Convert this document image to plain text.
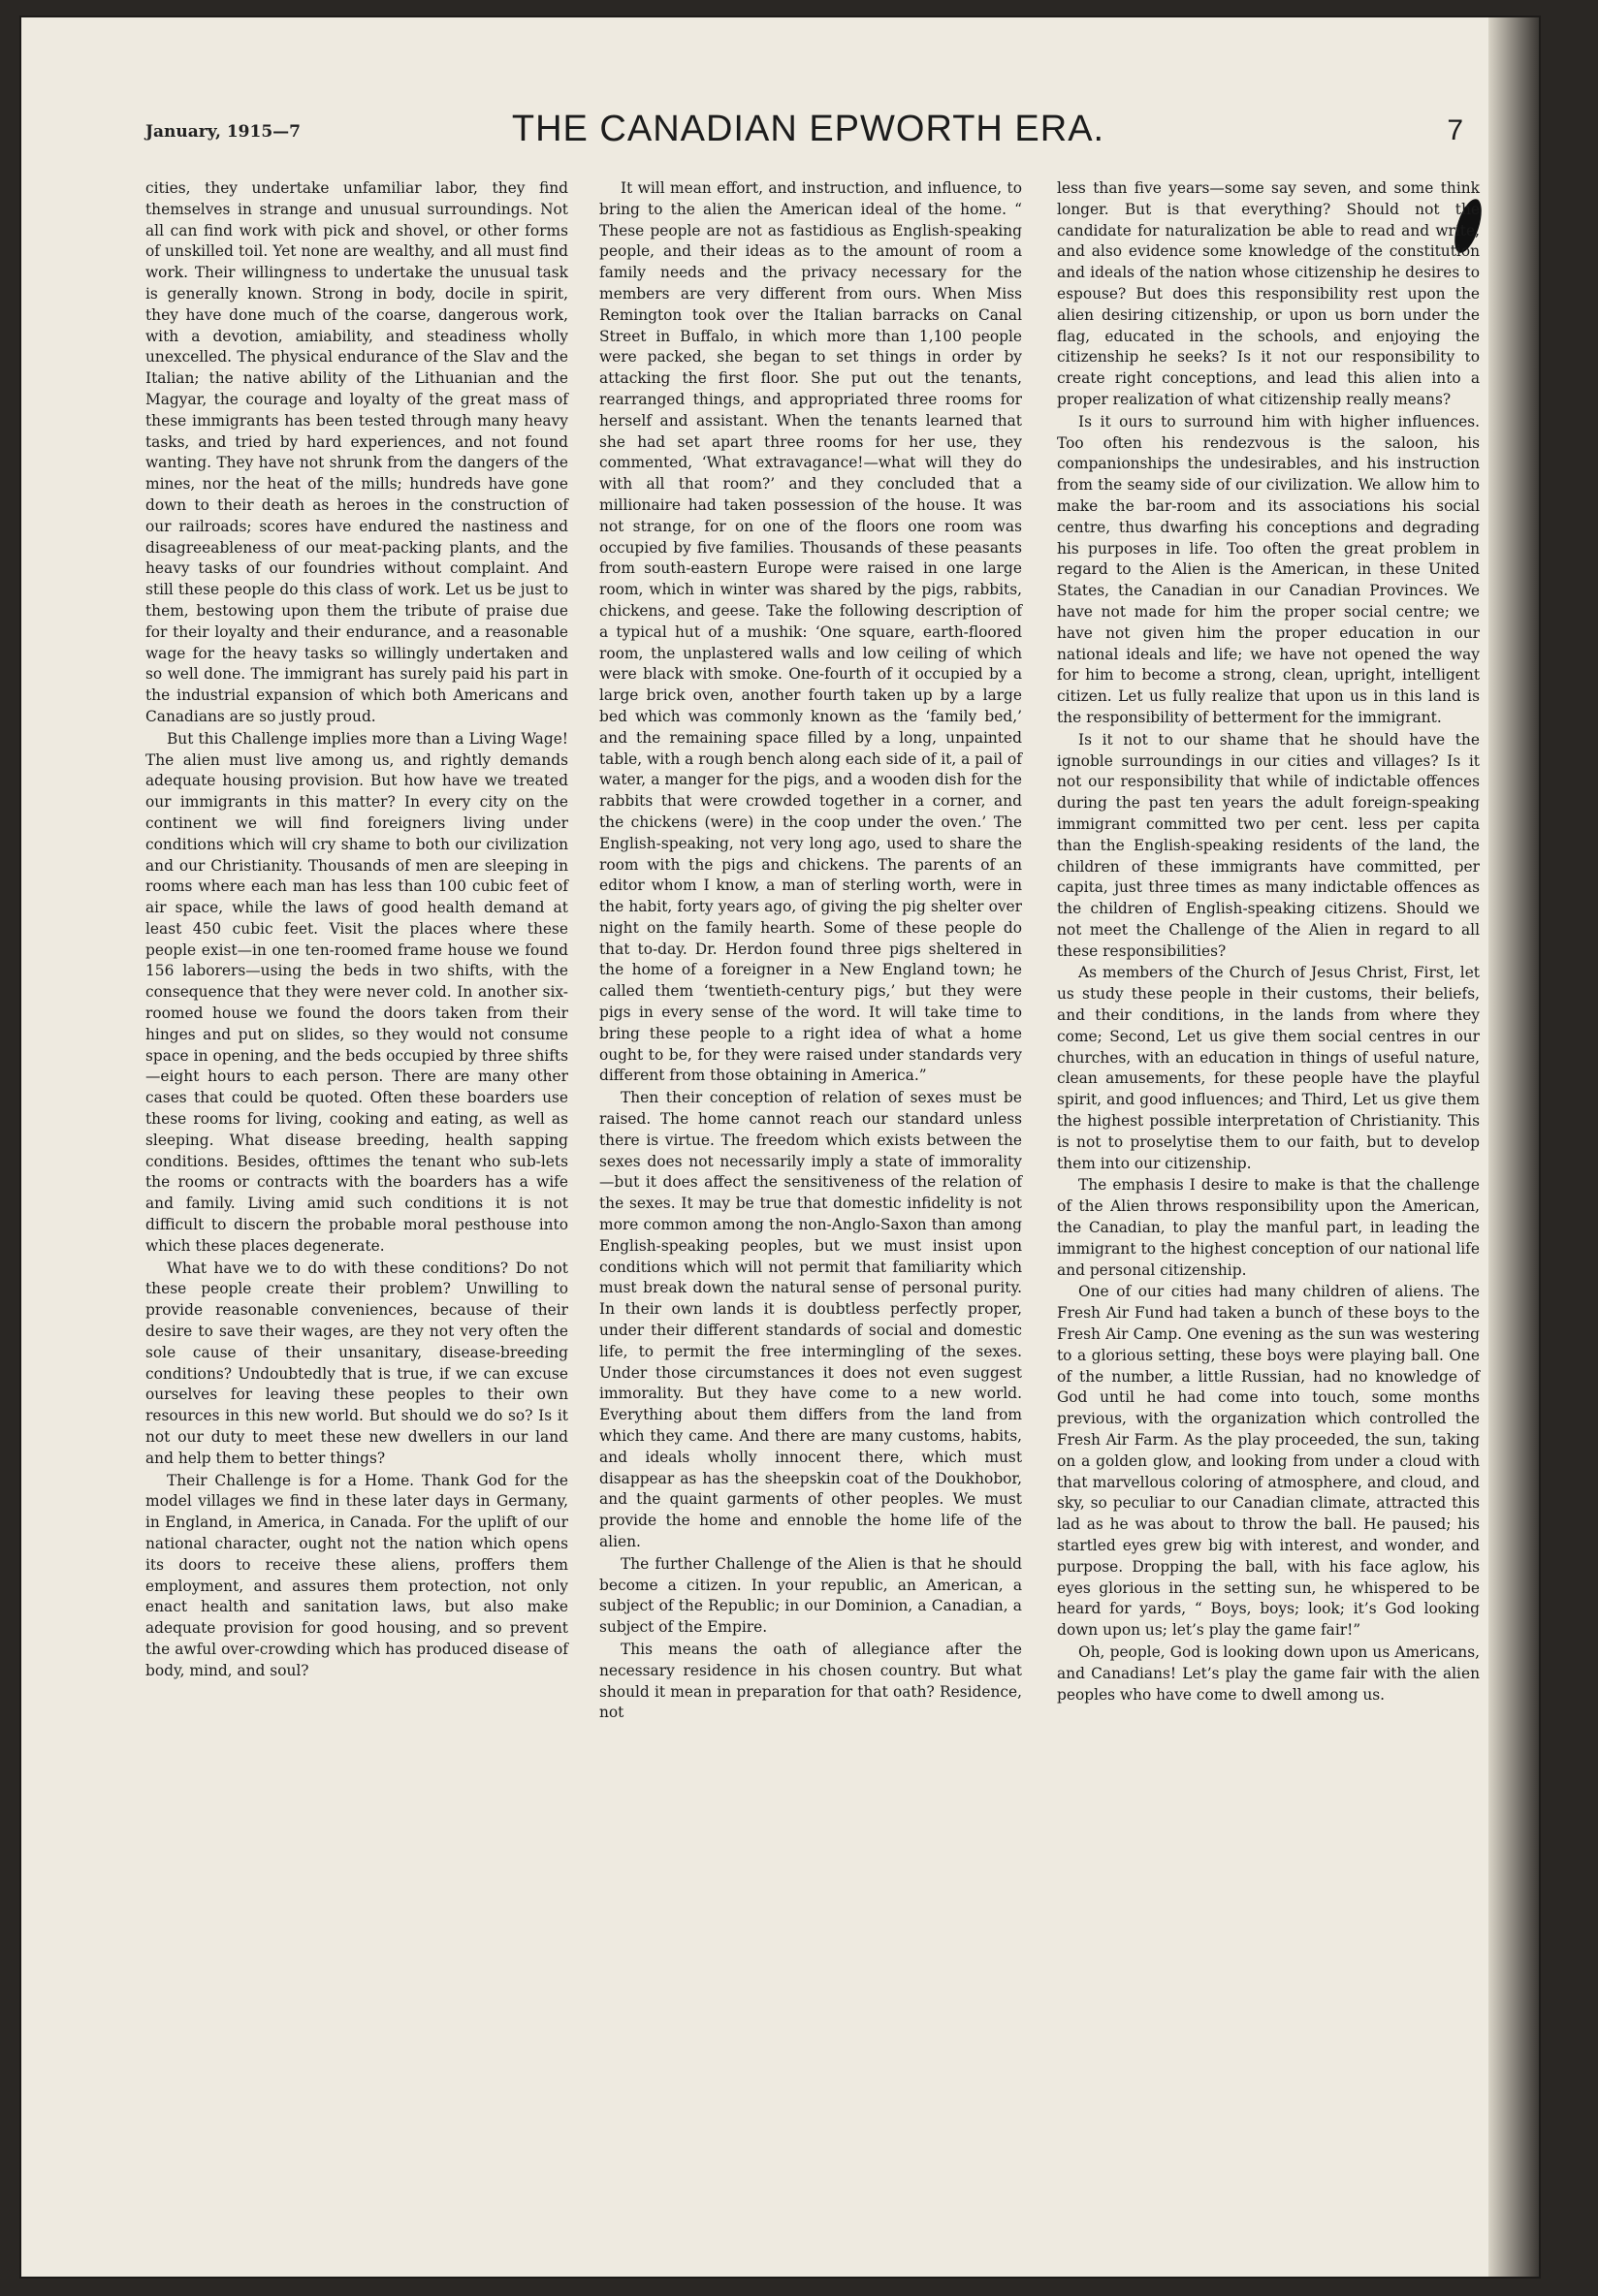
January, 1915—7	THE CANADIAN EPWORTH ERA.	7

cities, they undertake unfamiliar labor, they find themselves in strange and unusual surroundings. Not all can find work with pick and shovel, or other forms of unskilled toil. Yet none are wealthy, and all must find work. Their willingness to undertake the unusual task is generally known. Strong in body, docile in spirit, they have done much of the coarse, dangerous work, with a devotion, amiability, and steadiness wholly unexcelled. The physical endurance of the Slav and the Italian; the native ability of the Lithuanian and the Magyar, the courage and loyalty of the great mass of these immigrants has been tested through many heavy tasks, and tried by hard experiences, and not found wanting. They have not shrunk from the dangers of the mines, nor the heat of the mills; hundreds have gone down to their death as heroes in the construction of our railroads; scores have endured the nastiness and disagreeableness of our meat-packing plants, and the heavy tasks of our foundries without complaint. And still these people do this class of work. Let us be just to them, bestowing upon them the tribute of praise due for their loyalty and their endurance, and a reasonable wage for the heavy tasks so willingly undertaken and so well done. The immigrant has surely paid his part in the industrial expansion of which both Americans and Canadians are so justly proud.

But this Challenge implies more than a Living Wage! The alien must live among us, and rightly demands adequate housing provision. But how have we treated our immigrants in this matter? In every city on the continent we will find foreigners living under conditions which will cry shame to both our civilization and our Christianity. Thousands of men are sleeping in rooms where each man has less than 100 cubic feet of air space, while the laws of good health demand at least 450 cubic feet. Visit the places where these people exist—in one ten-roomed frame house we found 156 laborers—using the beds in two shifts, with the consequence that they were never cold. In another six-roomed house we found the doors taken from their hinges and put on slides, so they would not consume space in opening, and the beds occupied by three shifts—eight hours to each person. There are many other cases that could be quoted. Often these boarders use these rooms for living, cooking and eating, as well as sleeping. What disease breeding, health sapping conditions. Besides, ofttimes the tenant who sub-lets the rooms or contracts with the boarders has a wife and family. Living amid such conditions it is not difficult to discern the probable moral pesthouse into which these places degenerate.

What have we to do with these conditions? Do not these people create their problem? Unwilling to provide reasonable conveniences, because of their desire to save their wages, are they not very often the sole cause of their unsanitary, disease-breeding conditions? Undoubtedly that is true, if we can excuse ourselves for leaving these peoples to their own resources in this new world. But should we do so? Is it not our duty to meet these new dwellers in our land and help them to better things?

Their Challenge is for a Home. Thank God for the model villages we find in these later days in Germany, in England, in America, in Canada. For the uplift of our national character, ought not the nation which opens its doors to receive these aliens, proffers them employment, and assures them protection, not only enact health and sanitation laws, but also make adequate provision for good housing, and so prevent the awful over-crowding which has produced disease of body, mind, and soul?

It will mean effort, and instruction, and influence, to bring to the alien the American ideal of the home. “ These people are not as fastidious as English-speaking people, and their ideas as to the amount of room a family needs and the privacy necessary for the members are very different from ours. When Miss Remington took over the Italian barracks on Canal Street in Buffalo, in which more than 1,100 people were packed, she began to set things in order by attacking the first floor. She put out the tenants, rearranged things, and appropriated three rooms for herself and assistant. When the tenants learned that she had set apart three rooms for her use, they commented, ‘What extravagance!—what will they do with all that room?’ and they concluded that a millionaire had taken possession of the house. It was not strange, for on one of the floors one room was occupied by five families. Thousands of these peasants from south-eastern Europe were raised in one large room, which in winter was shared by the pigs, rabbits, chickens, and geese. Take the following description of a typical hut of a mushik: ‘One square, earth-floored room, the unplastered walls and low ceiling of which were black with smoke. One-fourth of it occupied by a large brick oven, another fourth taken up by a large bed which was commonly known as the ‘family bed,’ and the remaining space filled by a long, unpainted table, with a rough bench along each side of it, a pail of water, a manger for the pigs, and a wooden dish for the rabbits that were crowded together in a corner, and the chickens (were) in the coop under the oven.’ The English-speaking, not very long ago, used to share the room with the pigs and chickens. The parents of an editor whom I know, a man of sterling worth, were in the habit, forty years ago, of giving the pig shelter over night on the family hearth. Some of these people do that to-day. Dr. Herdon found three pigs sheltered in the home of a foreigner in a New England town; he called them ‘twentieth-century pigs,’ but they were pigs in every sense of the word. It will take time to bring these people to a right idea of what a home ought to be, for they were raised under standards very different from those obtaining in America.”

Then their conception of relation of sexes must be raised. The home cannot reach our standard unless there is virtue. The freedom which exists between the sexes does not necessarily imply a state of immorality—but it does affect the sensitiveness of the relation of the sexes. It may be true that domestic infidelity is not more common among the non-Anglo-Saxon than among English-speaking peoples, but we must insist upon conditions which will not permit that familiarity which must break down the natural sense of personal purity. In their own lands it is doubtless perfectly proper, under their different standards of social and domestic life, to permit the free intermingling of the sexes. Under those circumstances it does not even suggest immorality. But they have come to a new world. Everything about them differs from the land from which they came. And there are many customs, habits, and ideals wholly innocent there, which must disappear as has the sheepskin coat of the Doukhobor, and the quaint garments of other peoples. We must provide the home and ennoble the home life of the alien.

The further Challenge of the Alien is that he should become a citizen. In your republic, an American, a subject of the Republic; in our Dominion, a Canadian, a subject of the Empire.

This means the oath of allegiance after the necessary residence in his chosen country. But what should it mean in preparation for that oath? Residence, not

less than five years—some say seven, and some think longer. But is that everything? Should not the candidate for naturalization be able to read and write, and also evidence some knowledge of the constitution and ideals of the nation whose citizenship he desires to espouse? But does this responsibility rest upon the alien desiring citizenship, or upon us born under the flag, educated in the schools, and enjoying the citizenship he seeks? Is it not our responsibility to create right conceptions, and lead this alien into a proper realization of what citizenship really means?

Is it ours to surround him with higher influences. Too often his rendezvous is the saloon, his companionships the undesirables, and his instruction from the seamy side of our civilization. We allow him to make the bar-room and its associations his social centre, thus dwarfing his conceptions and degrading his purposes in life. Too often the great problem in regard to the Alien is the American, in these United States, the Canadian in our Canadian Provinces. We have not made for him the proper social centre; we have not given him the proper education in our national ideals and life; we have not opened the way for him to become a strong, clean, upright, intelligent citizen. Let us fully realize that upon us in this land is the responsibility of betterment for the immigrant.

Is it not to our shame that he should have the ignoble surroundings in our cities and villages? Is it not our responsibility that while of indictable offences during the past ten years the adult foreign-speaking immigrant committed two per cent. less per capita than the English-speaking residents of the land, the children of these immigrants have committed, per capita, just three times as many indictable offences as the children of English-speaking citizens. Should we not meet the Challenge of the Alien in regard to all these responsibilities?

As members of the Church of Jesus Christ, First, let us study these people in their customs, their beliefs, and their conditions, in the lands from where they come; Second, Let us give them social centres in our churches, with an education in things of useful nature, clean amusements, for these people have the playful spirit, and good influences; and Third, Let us give them the highest possible interpretation of Christianity. This is not to proselytise them to our faith, but to develop them into our citizenship.

The emphasis I desire to make is that the challenge of the Alien throws responsibility upon the American, the Canadian, to play the manful part, in leading the immigrant to the highest conception of our national life and personal citizenship.

One of our cities had many children of aliens. The Fresh Air Fund had taken a bunch of these boys to the Fresh Air Camp. One evening as the sun was westering to a glorious setting, these boys were playing ball. One of the number, a little Russian, had no knowledge of God until he had come into touch, some months previous, with the organization which controlled the Fresh Air Farm. As the play proceeded, the sun, taking on a golden glow, and looking from under a cloud with that marvellous coloring of atmosphere, and cloud, and sky, so peculiar to our Canadian climate, attracted this lad as he was about to throw the ball. He paused; his startled eyes grew big with interest, and wonder, and purpose. Dropping the ball, with his face aglow, his eyes glorious in the setting sun, he whispered to be heard for yards, “ Boys, boys; look; it’s God looking down upon us; let’s play the game fair!”

Oh, people, God is looking down upon us Americans, and Canadians! Let’s play the game fair with the alien peoples who have come to dwell among us.
